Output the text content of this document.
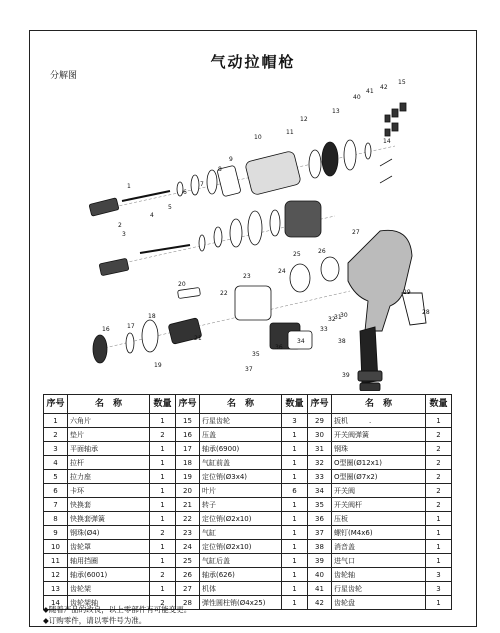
气动拉帽枪
分解图
1
2
3
4
5
6
7
8
9
10
11
12
13
14
15
16	17
18
19
20
21
22
23
24
25	26
27
28
29
30
31
32
33
34
35
36
37
38
39
40
41
42
序号	名　称	数量	序号	名　称	数量	序号	名　称	数量
1	六角片	1	15	行星齿轮	3	29	扳机　　　.	1
2	垫片	2	16	压盖	1	30	开关阀弹簧	2
3	平面轴承	1	17	轴承(6900)	1	31	钢珠	2
4	拉杆	1	18	气缸前盖	1	32	O型圈(Ø12x1)	2
5	拉力座	1	19	定位销(Ø3x4)	1	33	O型圈(Ø7x2)	2
6	卡环	1	20	叶片	6	34	开关阀	2
7	快换套	1	21	转子	1	35	开关阀杆	2
8	快换套弹簧	1	22	定位销(Ø2x10)	1	36	压板	1
9	钢珠(Ø4)	2	23	气缸	1	37	螺钉(M4x6)	1
10	齿轮罩	1	24	定位销(Ø2x10)	1	38	消音盖	1
11	轴用挡圈	1	25	气缸后盖	1	39	进气口	1
12	轴承(6001)	2	26	轴承(626)	1	40	齿轮轴	3
13	齿轮架	1	27	机体	1	41	行星齿轮	3
14	齿轮架轴	2	28	弹性圆柱销(Ø4x25)	1	42	齿轮盘	1
◆ 随着产品的改良，以上零部件有可能变更。
◆ 订购零件，请以零件号为准。
